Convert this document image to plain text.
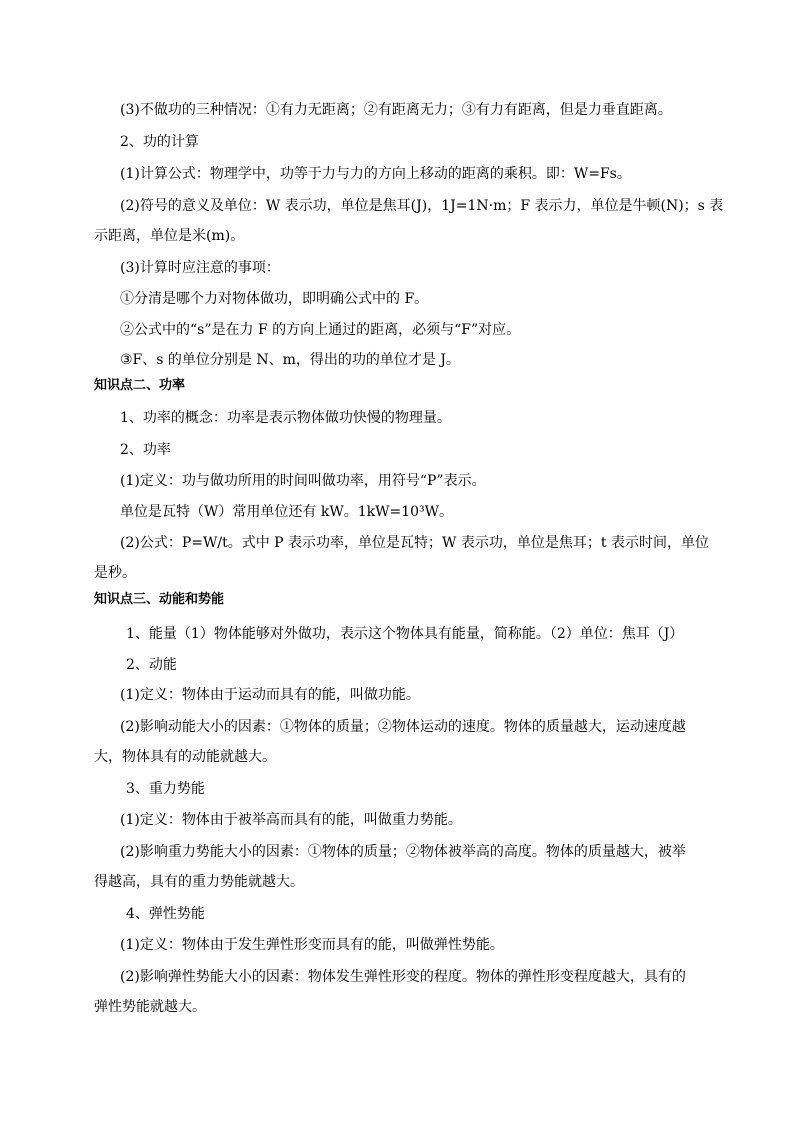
(3)不做功的三种情况：①有力无距离；②有距离无力；③有力有距离，但是力垂直距离。
2、功的计算
(1)计算公式：物理学中，功等于力与力的方向上移动的距离的乘积。即：W=Fs。
(2)符号的意义及单位：W 表示功，单位是焦耳(J)，1J=1N·m；F 表示力，单位是牛顿(N)；s 表
示距离，单位是米(m)。
(3)计算时应注意的事项：
①分清是哪个力对物体做功，即明确公式中的 F。
②公式中的“s”是在力 F 的方向上通过的距离，必须与“F”对应。
③F、s 的单位分别是 N、m，得出的功的单位才是 J。
知识点二、功率
1、功率的概念：功率是表示物体做功快慢的物理量。
2、功率
(1)定义：功与做功所用的时间叫做功率，用符号“P”表示。
单位是瓦特（W）常用单位还有 kW。1kW=10³W。
(2)公式：P=W/t。式中 P 表示功率，单位是瓦特；W 表示功，单位是焦耳；t 表示时间，单位
是秒。
知识点三、动能和势能
1、能量（1）物体能够对外做功，表示这个物体具有能量，简称能。（2）单位：焦耳（J）
2、动能
(1)定义：物体由于运动而具有的能，叫做功能。
(2)影响动能大小的因素：①物体的质量；②物体运动的速度。物体的质量越大，运动速度越
大，物体具有的动能就越大。
3、重力势能
(1)定义：物体由于被举高而具有的能，叫做重力势能。
(2)影响重力势能大小的因素：①物体的质量；②物体被举高的高度。物体的质量越大，被举
得越高，具有的重力势能就越大。
4、弹性势能
(1)定义：物体由于发生弹性形变而具有的能，叫做弹性势能。
(2)影响弹性势能大小的因素：物体发生弹性形变的程度。物体的弹性形变程度越大，具有的
弹性势能就越大。
